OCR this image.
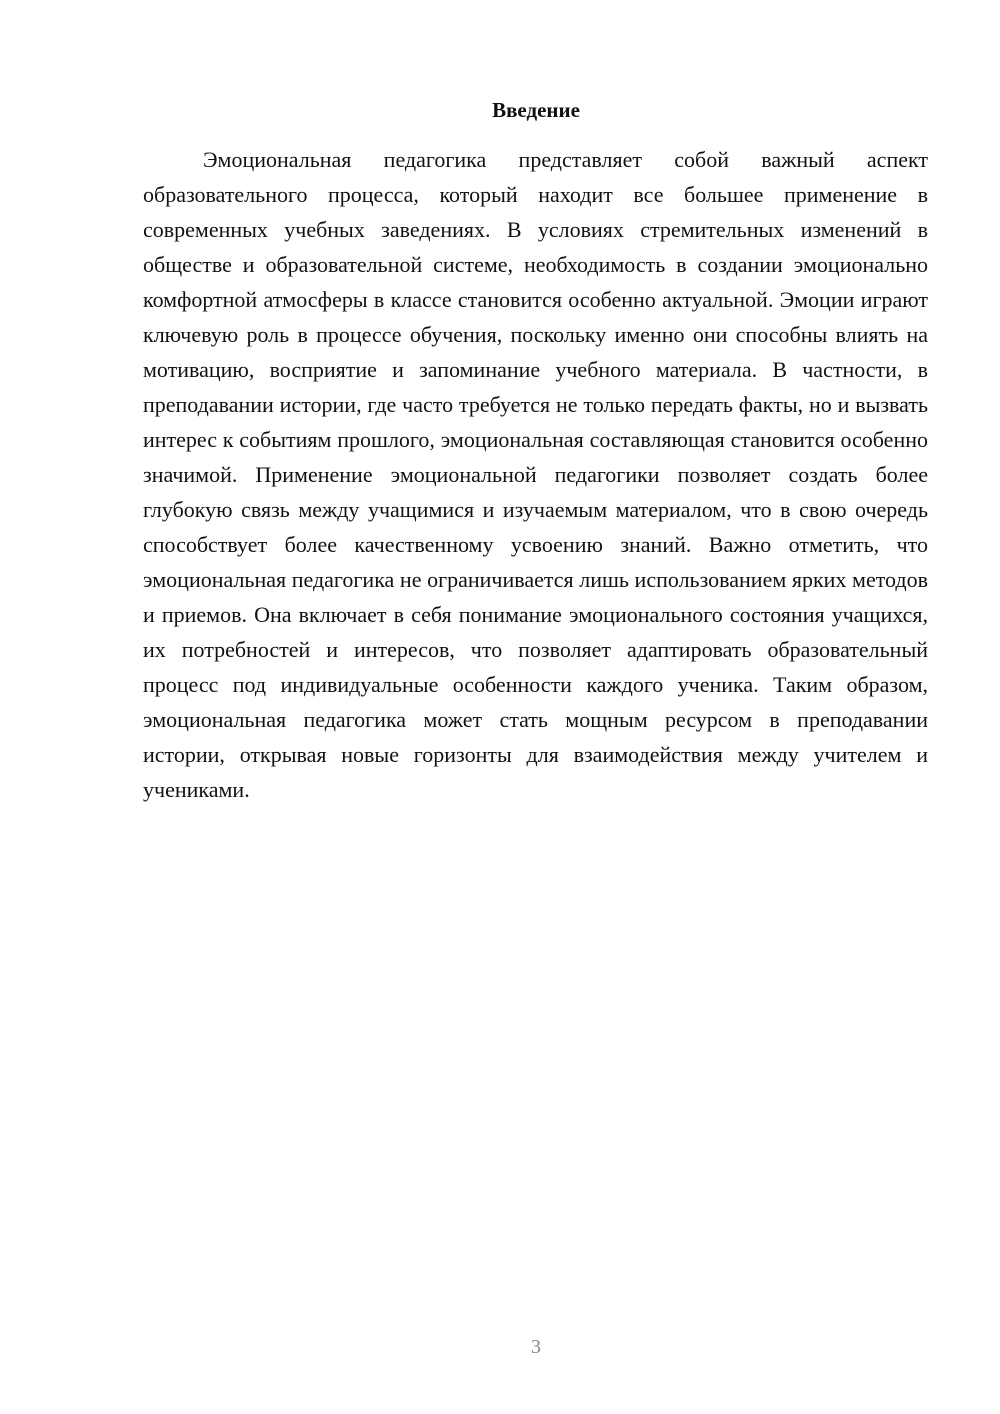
Введение

Эмоциональная педагогика представляет собой важный аспект образовательного процесса, который находит все большее применение в современных учебных заведениях. В условиях стремительных изменений в обществе и образовательной системе, необходимость в создании эмоционально комфортной атмосферы в классе становится особенно актуальной. Эмоции играют ключевую роль в процессе обучения, поскольку именно они способны влиять на мотивацию, восприятие и запоминание учебного материала. В частности, в преподавании истории, где часто требуется не только передать факты, но и вызвать интерес к событиям прошлого, эмоциональная составляющая становится особенно значимой. Применение эмоциональной педагогики позволяет создать более глубокую связь между учащимися и изучаемым материалом, что в свою очередь способствует более качественному усвоению знаний. Важно отметить, что эмоциональная педагогика не ограничивается лишь использованием ярких методов и приемов. Она включает в себя понимание эмоционального состояния учащихся, их потребностей и интересов, что позволяет адаптировать образовательный процесс под индивидуальные особенности каждого ученика. Таким образом, эмоциональная педагогика может стать мощным ресурсом в преподавании истории, открывая новые горизонты для взаимодействия между учителем и учениками.

3
